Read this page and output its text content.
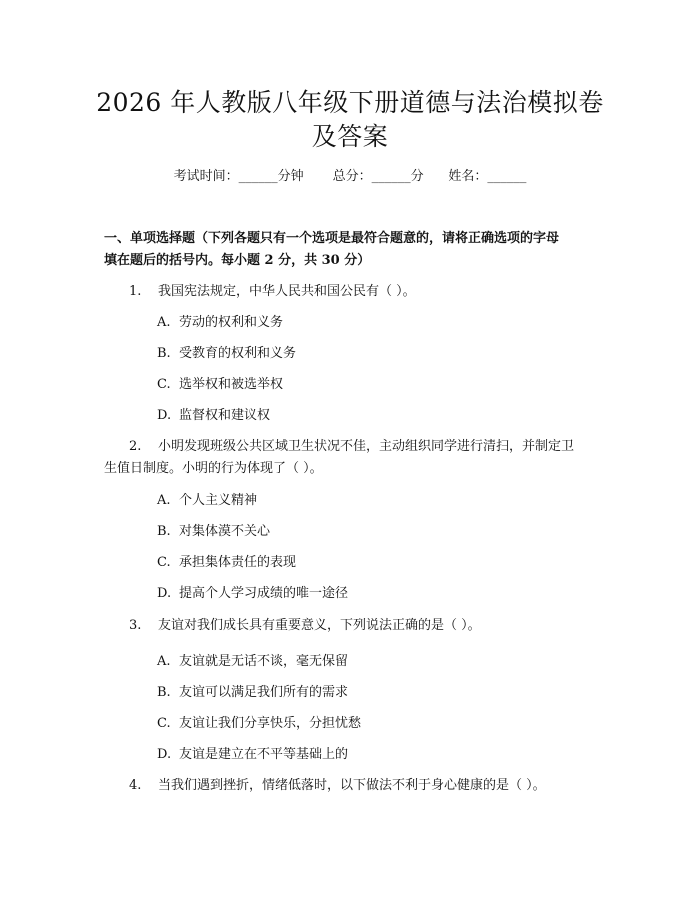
2026 年人教版八年级下册道德与法治模拟卷
及答案
考试时间：______分钟 总分：______分 姓名：______
一、单项选择题（下列各题只有一个选项是最符合题意的，请将正确选项的字母
填在题后的括号内。每小题 2 分，共 30 分）
1. 我国宪法规定，中华人民共和国公民有（ ）。
A. 劳动的权利和义务
B. 受教育的权利和义务
C. 选举权和被选举权
D. 监督权和建议权
2. 小明发现班级公共区域卫生状况不佳，主动组织同学进行清扫，并制定卫
生值日制度。小明的行为体现了（ ）。
A. 个人主义精神
B. 对集体漠不关心
C. 承担集体责任的表现
D. 提高个人学习成绩的唯一途径
3. 友谊对我们成长具有重要意义，下列说法正确的是（ ）。
A. 友谊就是无话不谈，毫无保留
B. 友谊可以满足我们所有的需求
C. 友谊让我们分享快乐，分担忧愁
D. 友谊是建立在不平等基础上的
4. 当我们遇到挫折，情绪低落时，以下做法不利于身心健康的是（ ）。
